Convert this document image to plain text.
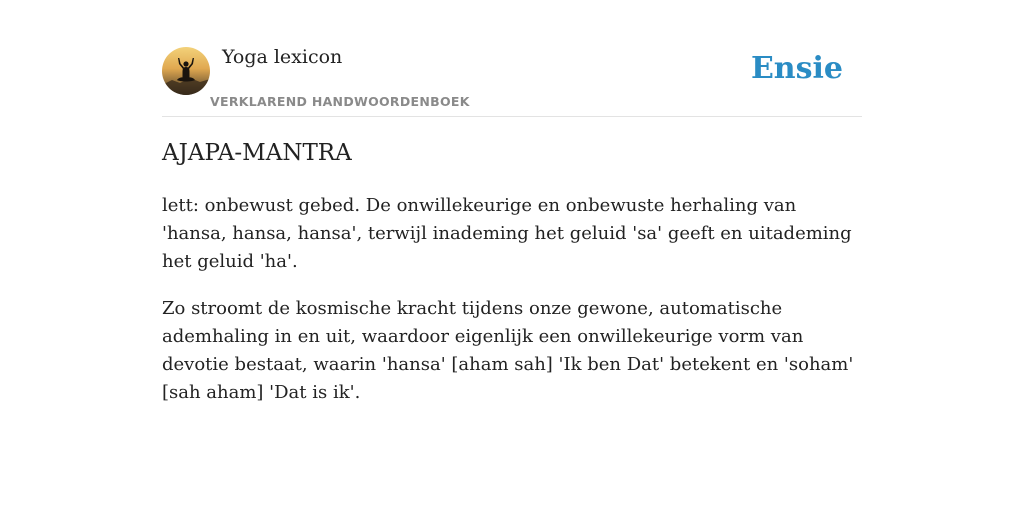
Yoga lexicon
VERKLAREND HANDWOORDENBOEK
Ensie
AJAPA-MANTRA

lett: onbewust gebed. De onwillekeurige en onbewuste herhaling van 'hansa, hansa, hansa', terwijl inademing het geluid 'sa' geeft en uitademing het geluid 'ha'.

Zo stroomt de kosmische kracht tijdens onze gewone, automatische ademhaling in en uit, waardoor eigenlijk een onwillekeurige vorm van devotie bestaat, waarin 'hansa' [aham sah] 'Ik ben Dat' betekent en 'soham' [sah aham] 'Dat is ik'.
